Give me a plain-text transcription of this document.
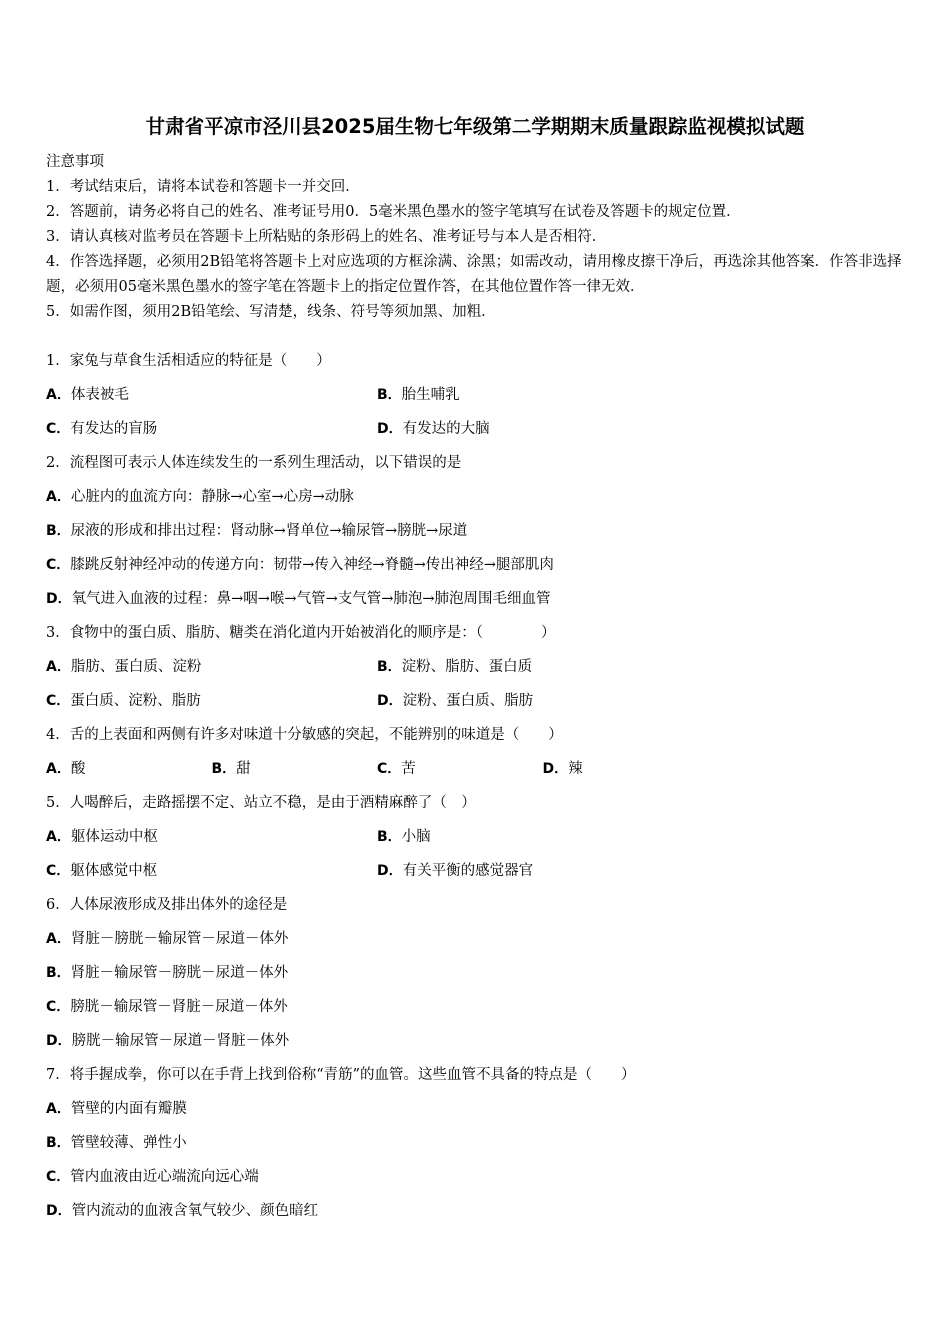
甘肃省平凉市泾川县2025届生物七年级第二学期期末质量跟踪监视模拟试题
注意事项
1．考试结束后，请将本试卷和答题卡一并交回．
2．答题前，请务必将自己的姓名、准考证号用0．5毫米黑色墨水的签字笔填写在试卷及答题卡的规定位置．
3．请认真核对监考员在答题卡上所粘贴的条形码上的姓名、准考证号与本人是否相符．
4．作答选择题，必须用2B铅笔将答题卡上对应选项的方框涂满、涂黑；如需改动，请用橡皮擦干净后，再选涂其他答案．作答非选择题，必须用05毫米黑色墨水的签字笔在答题卡上的指定位置作答，在其他位置作答一律无效．
5．如需作图，须用2B铅笔绘、写清楚，线条、符号等须加黑、加粗．
1．家兔与草食生活相适应的特征是（　　）
A．体表被毛	B．胎生哺乳
C．有发达的盲肠	D．有发达的大脑
2．流程图可表示人体连续发生的一系列生理活动，以下错误的是
A．心脏内的血流方向：静脉→心室→心房→动脉
B．尿液的形成和排出过程：肾动脉→肾单位→输尿管→膀胱→尿道
C．膝跳反射神经冲动的传递方向：韧带→传入神经→脊髓→传出神经→腿部肌肉
D．氧气进入血液的过程：鼻→咽→喉→气管→支气管→肺泡→肺泡周围毛细血管
3．食物中的蛋白质、脂肪、糖类在消化道内开始被消化的顺序是：（　　　　）
A．脂肪、蛋白质、淀粉	B．淀粉、脂肪、蛋白质
C．蛋白质、淀粉、脂肪	D．淀粉、蛋白质、脂肪
4．舌的上表面和两侧有许多对味道十分敏感的突起，不能辨别的味道是（　　）
A．酸	B．甜	C．苦	D．辣
5．人喝醉后，走路摇摆不定、站立不稳，是由于酒精麻醉了（　）
A．躯体运动中枢	B．小脑
C．躯体感觉中枢	D．有关平衡的感觉器官
6．人体尿液形成及排出体外的途径是
A．肾脏－膀胱－输尿管－尿道－体外
B．肾脏－输尿管－膀胱－尿道－体外
C．膀胱－输尿管－肾脏－尿道－体外
D．膀胱－输尿管－尿道－肾脏－体外
7．将手握成拳，你可以在手背上找到俗称“青筋”的血管。这些血管不具备的特点是（　　）
A．管壁的内面有瓣膜
B．管壁较薄、弹性小
C．管内血液由近心端流向远心端
D．管内流动的血液含氧气较少、颜色暗红
